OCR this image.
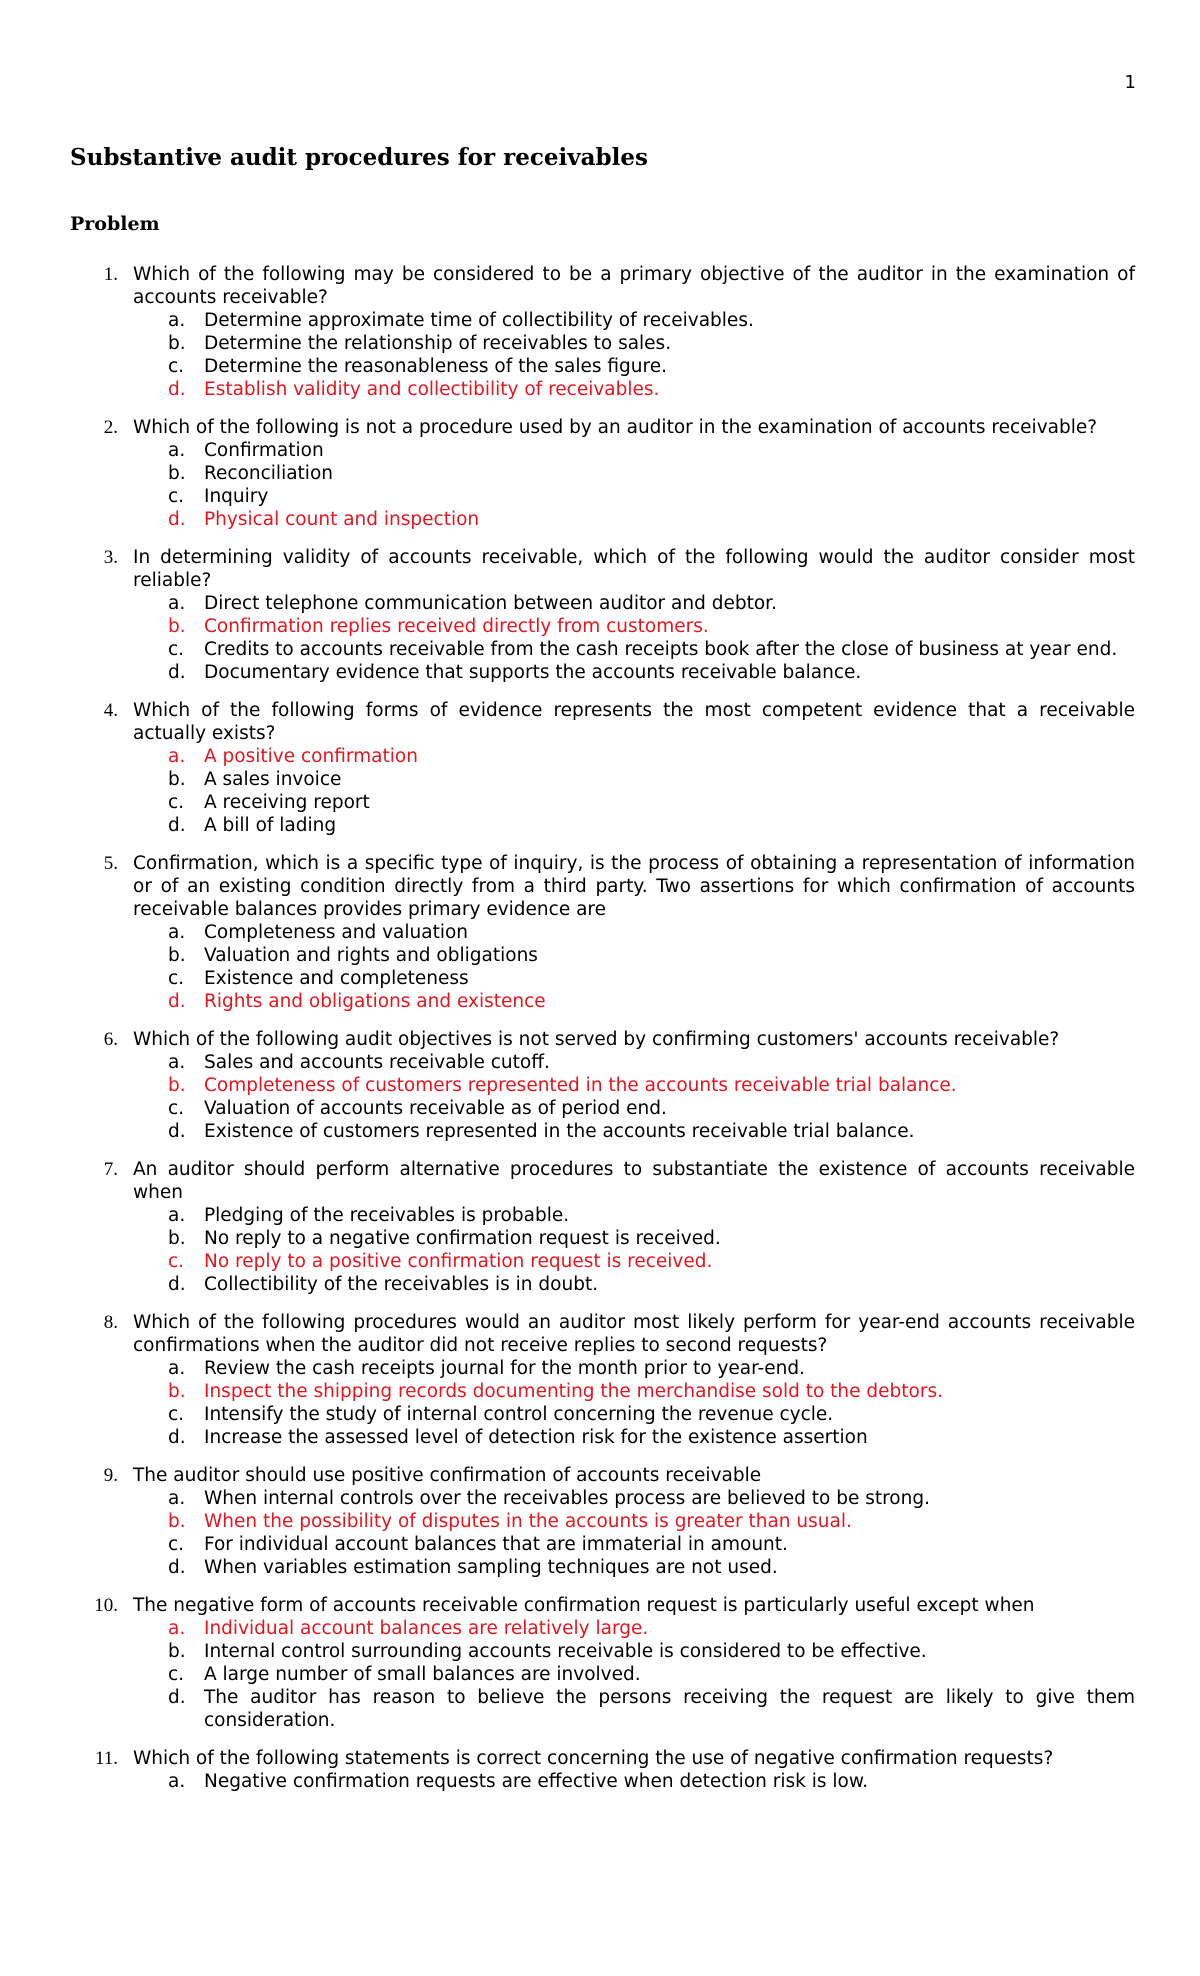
1
Substantive audit procedures for receivables
Problem
1. Which of the following may be considered to be a primary objective of the auditor in the examination of accounts receivable?
a. Determine approximate time of collectibility of receivables.
b. Determine the relationship of receivables to sales.
c. Determine the reasonableness of the sales figure.
d. Establish validity and collectibility of receivables.
2. Which of the following is not a procedure used by an auditor in the examination of accounts receivable?
a. Confirmation
b. Reconciliation
c. Inquiry
d. Physical count and inspection
3. In determining validity of accounts receivable, which of the following would the auditor consider most reliable?
a. Direct telephone communication between auditor and debtor.
b. Confirmation replies received directly from customers.
c. Credits to accounts receivable from the cash receipts book after the close of business at year end.
d. Documentary evidence that supports the accounts receivable balance.
4. Which of the following forms of evidence represents the most competent evidence that a receivable actually exists?
a. A positive confirmation
b. A sales invoice
c. A receiving report
d. A bill of lading
5. Confirmation, which is a specific type of inquiry, is the process of obtaining a representation of information or of an existing condition directly from a third party. Two assertions for which confirmation of accounts receivable balances provides primary evidence are
a. Completeness and valuation
b. Valuation and rights and obligations
c. Existence and completeness
d. Rights and obligations and existence
6. Which of the following audit objectives is not served by confirming customers' accounts receivable?
a. Sales and accounts receivable cutoff.
b. Completeness of customers represented in the accounts receivable trial balance.
c. Valuation of accounts receivable as of period end.
d. Existence of customers represented in the accounts receivable trial balance.
7. An auditor should perform alternative procedures to substantiate the existence of accounts receivable when
a. Pledging of the receivables is probable.
b. No reply to a negative confirmation request is received.
c. No reply to a positive confirmation request is received.
d. Collectibility of the receivables is in doubt.
8. Which of the following procedures would an auditor most likely perform for year-end accounts receivable confirmations when the auditor did not receive replies to second requests?
a. Review the cash receipts journal for the month prior to year-end.
b. Inspect the shipping records documenting the merchandise sold to the debtors.
c. Intensify the study of internal control concerning the revenue cycle.
d. Increase the assessed level of detection risk for the existence assertion
9. The auditor should use positive confirmation of accounts receivable
a. When internal controls over the receivables process are believed to be strong.
b. When the possibility of disputes in the accounts is greater than usual.
c. For individual account balances that are immaterial in amount.
d. When variables estimation sampling techniques are not used.
10. The negative form of accounts receivable confirmation request is particularly useful except when
a. Individual account balances are relatively large.
b. Internal control surrounding accounts receivable is considered to be effective.
c. A large number of small balances are involved.
d. The auditor has reason to believe the persons receiving the request are likely to give them consideration.
11. Which of the following statements is correct concerning the use of negative confirmation requests?
a. Negative confirmation requests are effective when detection risk is low.
